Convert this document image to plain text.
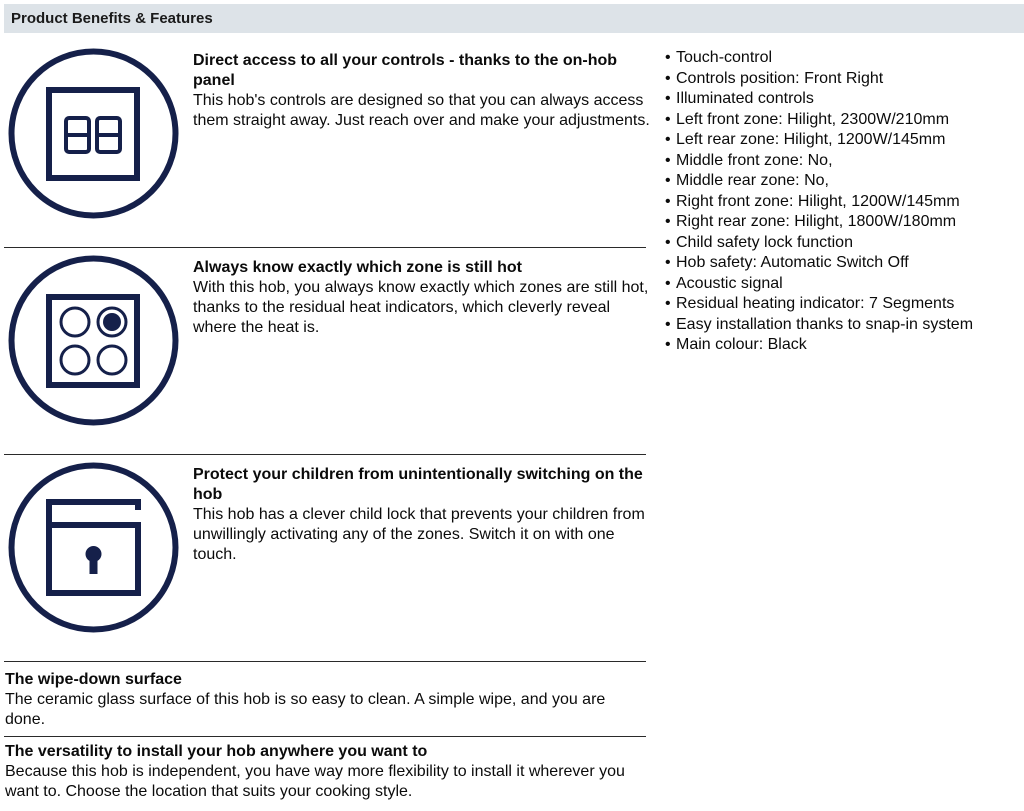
Product Benefits & Features
Direct access to all your controls - thanks to the on-hob panel
This hob's controls are designed so that you can always access them straight away. Just reach over and make your adjustments.
Always know exactly which zone is still hot
With this hob, you always know exactly which zones are still hot, thanks to the residual heat indicators, which cleverly reveal where the heat is.
Protect your children from unintentionally switching on the hob
This hob has a clever child lock that prevents your children from unwillingly activating any of the zones. Switch it on with one touch.
The wipe-down surface
The ceramic glass surface of this hob is so easy to clean. A simple wipe, and you are done.
The versatility to install your hob anywhere you want to
Because this hob is independent, you have way more flexibility to install it wherever you want to. Choose the location that suits your cooking style.
• Touch-control
• Controls position: Front Right
• Illuminated controls
• Left front zone: Hilight, 2300W/210mm
• Left rear zone: Hilight, 1200W/145mm
• Middle front zone: No,
• Middle rear zone: No,
• Right front zone: Hilight, 1200W/145mm
• Right rear zone: Hilight, 1800W/180mm
• Child safety lock function
• Hob safety: Automatic Switch Off
• Acoustic signal
• Residual heating indicator: 7 Segments
• Easy installation thanks to snap-in system
• Main colour: Black
